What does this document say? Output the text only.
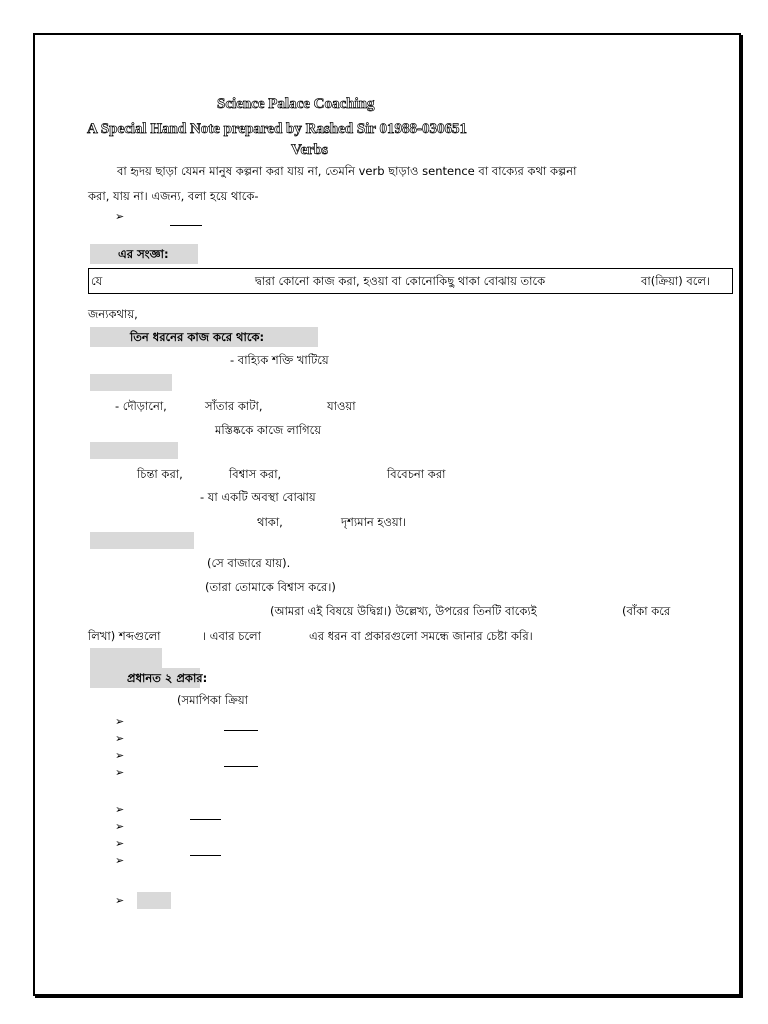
Science Palace Coaching
A Special Hand Note prepared by Rashed Sir 01988-030651
Verbs
বা হৃদয় ছাড়া যেমন মানুষ কল্পনা করা যায় না, তেমনি verb ছাড়াও sentence বা বাক্যের কথা কল্পনা
করা, যায় না। এজন্য, বলা হয়ে থাকে-
➢
এর সংজ্ঞা:
যে	দ্বারা কোনো কাজ করা, হওয়া বা কোনোকিছু থাকা বোঝায় তাকে	বা(ক্রিয়া) বলে।
জন্যকথায়,
তিন ধরনের কাজ করে থাকে:
- বাহ্যিক শক্তি খাটিয়ে
- দৌড়ানো,	সাঁতার কাটা,	যাওয়া
মস্তিষ্ককে কাজে লাগিয়ে
চিন্তা করা,	বিশ্বাস করা,	বিবেচনা করা
- যা একটি অবস্থা বোঝায়
থাকা,	দৃশ্যমান হওয়া।
(সে বাজারে যায়).
(তারা তোমাকে বিশ্বাস করে।)
(আমরা এই বিষয়ে উদ্বিগ্ন।) উল্লেখ্য, উপরের তিনটি বাক্যেই	(বাঁকা করে
লিখা) শব্দগুলো	। এবার চলো	এর ধরন বা প্রকারগুলো সমন্ধে জানার চেষ্টা করি।
প্রধানত ২ প্রকার:
(সমাপিকা ক্রিয়া
➢
➢
➢
➢
➢
➢
➢
➢
➢
